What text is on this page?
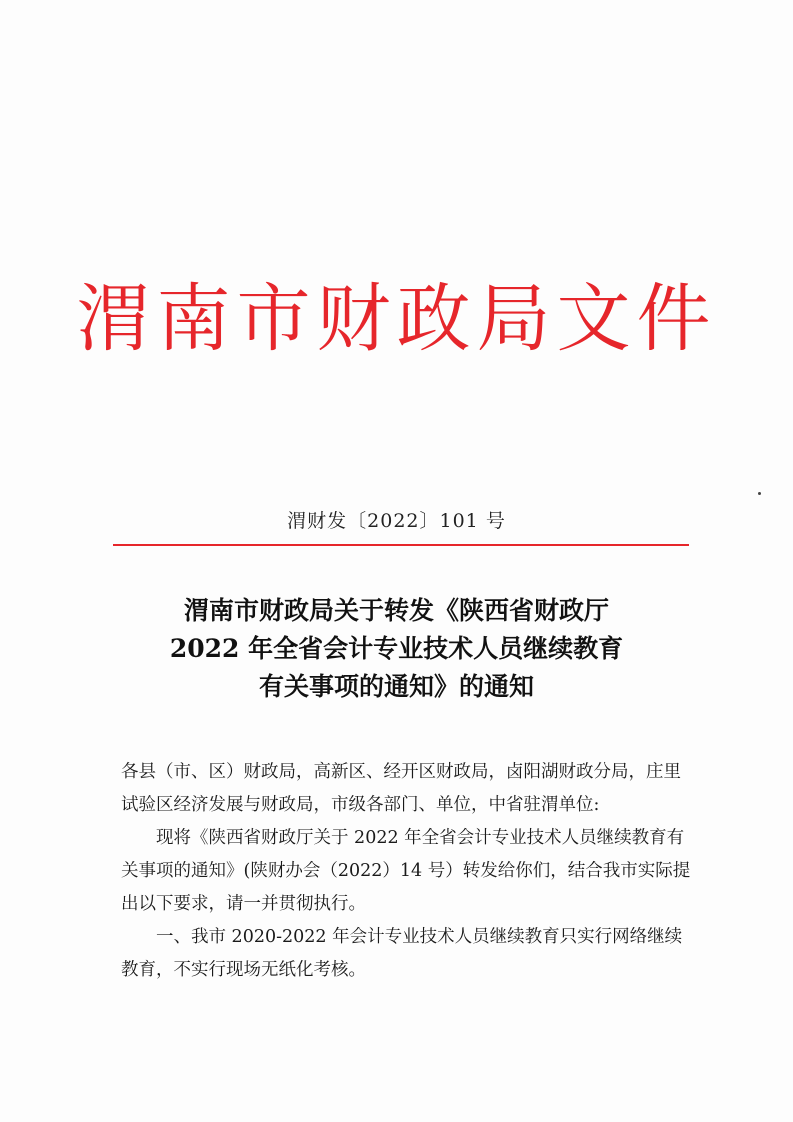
渭南市财政局文件
渭财发〔2022〕101 号
渭南市财政局关于转发《陕西省财政厅
2022 年全省会计专业技术人员继续教育
有关事项的通知》的通知

各县（市、区）财政局，高新区、经开区财政局，卤阳湖财政分局，庄里试验区经济发展与财政局，市级各部门、单位，中省驻渭单位:

现将《陕西省财政厅关于 2022 年全省会计专业技术人员继续教育有关事项的通知》(陕财办会（2022）14 号）转发给你们，结合我市实际提出以下要求，请一并贯彻执行。

一、我市 2020-2022 年会计专业技术人员继续教育只实行网络继续教育，不实行现场无纸化考核。
